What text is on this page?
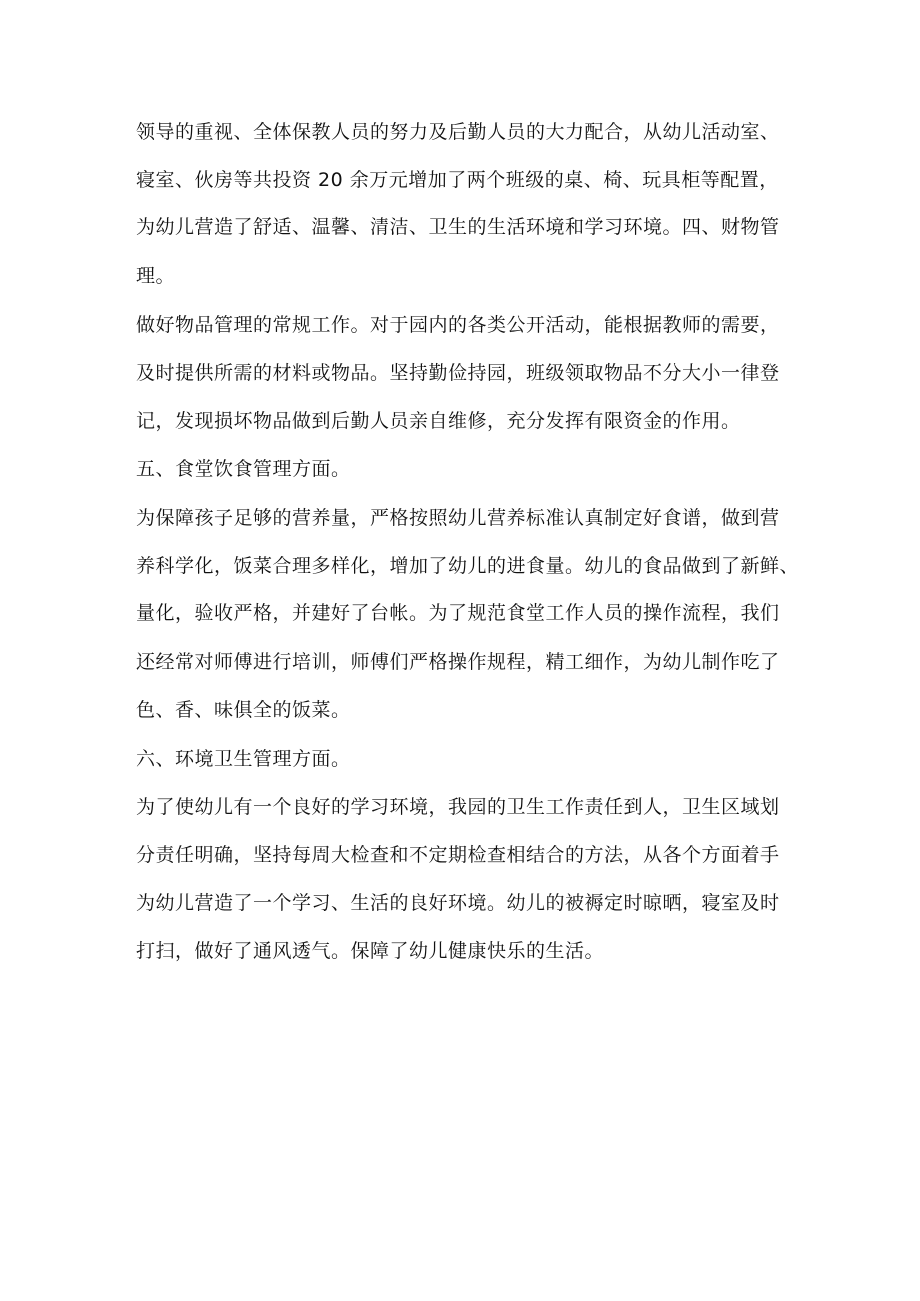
领导的重视、全体保教人员的努力及后勤人员的大力配合，从幼儿活动室、

寝室、伙房等共投资 20 余万元增加了两个班级的桌、椅、玩具柜等配置，

为幼儿营造了舒适、温馨、清洁、卫生的生活环境和学习环境。四、财物管

理。

做好物品管理的常规工作。对于园内的各类公开活动，能根据教师的需要，

及时提供所需的材料或物品。坚持勤俭持园，班级领取物品不分大小一律登

记，发现损坏物品做到后勤人员亲自维修，充分发挥有限资金的作用。

五、食堂饮食管理方面。

为保障孩子足够的营养量，严格按照幼儿营养标准认真制定好食谱，做到营

养科学化，饭菜合理多样化，增加了幼儿的进食量。幼儿的食品做到了新鲜、

量化，验收严格，并建好了台帐。为了规范食堂工作人员的操作流程，我们

还经常对师傅进行培训，师傅们严格操作规程，精工细作，为幼儿制作吃了

色、香、味俱全的饭菜。

六、环境卫生管理方面。

为了使幼儿有一个良好的学习环境，我园的卫生工作责任到人，卫生区域划

分责任明确，坚持每周大检查和不定期检查相结合的方法，从各个方面着手

为幼儿营造了一个学习、生活的良好环境。幼儿的被褥定时晾晒，寝室及时

打扫，做好了通风透气。保障了幼儿健康快乐的生活。
